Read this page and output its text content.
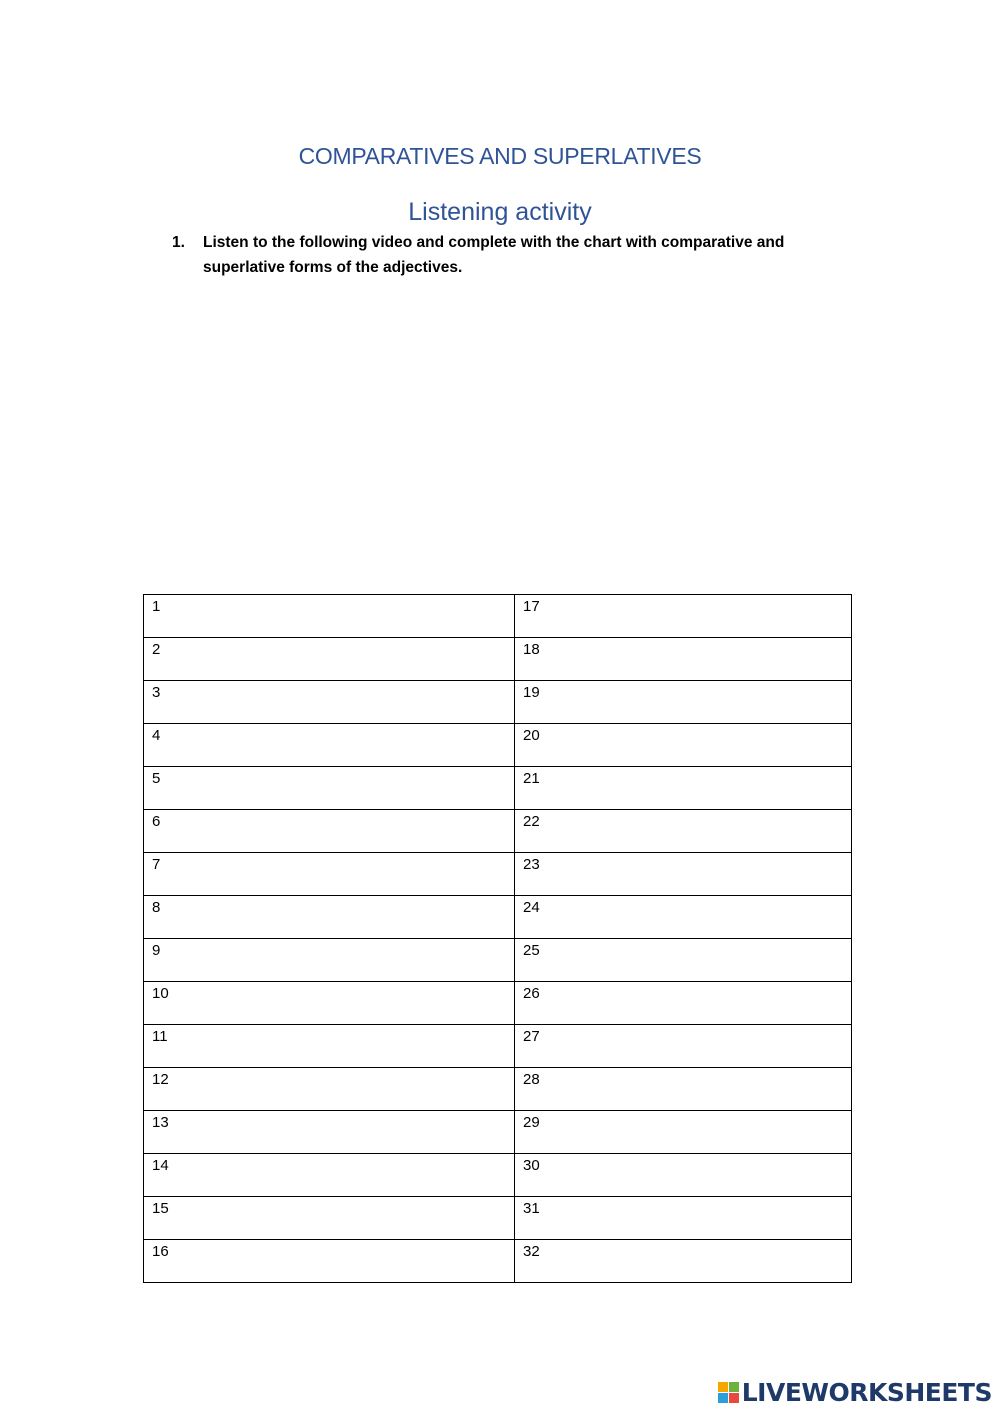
COMPARATIVES AND SUPERLATIVES
Listening activity
1. Listen to the following video and complete with the chart with comparative and superlative forms of the adjectives.
1	17
2	18
3	19
4	20
5	21
6	22
7	23
8	24
9	25
10	26
11	27
12	28
13	29
14	30
15	31
16	32
LIVEWORKSHEETS
